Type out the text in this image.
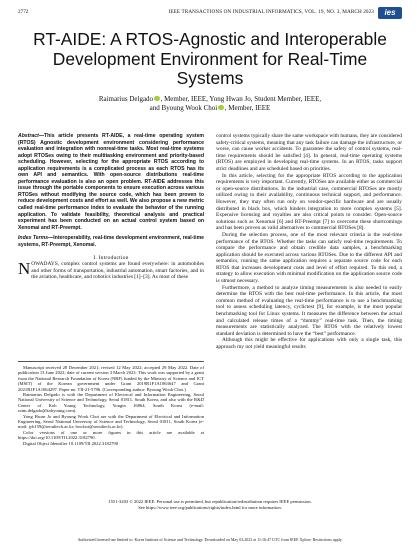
2772	IEEE TRANSACTIONS ON INDUSTRIAL INFORMATICS, VOL. 19, NO. 3, MARCH 2023	ies
RT-AIDE: A RTOS-Agnostic and Interoperable Development Environment for Real-Time Systems
Raimarius Delgado , Member, IEEE, Yong Hwan Jo, Student Member, IEEE,
and Byoung Wook Choi , Member, IEEE
Abstract—This article presents RT-AIDE, a real-time operating system (RTOS) Agnostic development environment considering performance evaluation and integration with nonreal-time tasks. Most real-time systems adopt RTOSes owing to their multitasking environment and priority-based scheduling. However, selecting for the appropriate RTOS according to application requirements is a complicated process as each RTOS has its own API and semantics. With open-source distributions real-time performance evaluation is also an open problem. RT-AIDE addresses this issue through the portable components to ensure execution across various RTOSes without modifying the source code, which has been proven to reduce development costs and effort as well. We also propose a new metric called real-time performance index to evaluate the behavior of the running application. To validate feasibility, theoretical analysis and practical experiment has been conducted on an actual control system based on Xenomai and RT-Preempt.
Index Terms—Interoperability, real-time development environment, real-time systems, RT-Preempt, Xenomai.
I. Introduction
NOWADAYS, complex control systems are found everywhere: in automobiles and other forms of transportation, industrial automation, smart factories, and in the aviation, healthcare, and robotics industries [1]–[3]. As most of these

Manuscript received 28 December 2021; revised 12 May 2022; accepted 29 May 2022. Date of publication 13 June 2022; date of current version 3 March 2023. This work was supported by a grant from the National Research Foundation of Korea (NRF) funded by the Ministry of Science and ICT (MSIT) of the Korean government under Grant 2019R1F1A1063647 and Grant 2021R1F1A1064297. Paper no. TII-21-5796. (Corresponding author: Byoung Wook Choi.)

Raimarius Delgado is with the Department of Electrical and Information Engineering, Seoul National University of Science and Technology, Seoul 01811, South Korea, and also with the R&D Center of Koh Young Technology, Yongin 16864, South Korea (e-mail: raim.delgado@kohyoung.com).

Yong Hwan Jo and Byoung Wook Choi are with the Department of Electrical and Information Engineering, Seoul National University of Science and Technology, Seoul 01811, South Korea (e-mail: jyh159@seoultech.ac.kr; bwchoi@seoultech.ac.kr).

Color versions of one or more figures in this article are available at https://doi.org/10.1109/TII.2022.3182790.

Digital Object Identifier 10.1109/TII.2022.3182790

control systems typically share the same workspace with humans, they are considered safety-critical systems, meaning that any task failure can damage the infrastructure, or worse, can cause worker accidents. To guarantee the safety of control systems, real-time requirements should be satisfied [4]. In general, real-time operating systems (RTOS) are employed in developing real-time systems. In an RTOS, tasks support strict deadlines and are scheduled based on priorities.

In this article, selecting for the appropriate RTOS according to the application requirements is very important. Currently, RTOSes are available either as commercial or open-source distributions. In the industrial case, commercial RTOSes are mostly utilized owing to their availability, continuous technical support, and performance. However, they may often run only on vendor-specific hardware and are usually distributed in black box, which hinders integration to more complex systems [5]. Expensive licensing and royalties are also critical points to consider. Open-source solutions such as Xenomai [6] and RT-Preempt [7] to overcome these shortcomings and has been proven as valid alternatives to commercial RTOSes [8].

During the selection process, one of the most relevant criteria is the real-time performance of the RTOS. Whether the tasks can satisfy real-time requirements. To compare the performance and obtain credible data samples, a benchmarking application should be executed across various RTOSes. Due to the different API and semantics, running the same application requires a separate source code for each RTOS that increases development costs and level of effort required. To this end, a strategy to allow execution with minimal modification on the application source code is utmost necessary.

Furthermore, a method to analyze timing measurements is also needed to easily determine the RTOS with the best real-time performance. In this article, the most common method of evaluating the real-time performance is to use a benchmarking tool to assess scheduling latency, cyclictest [9], for example, is the most popular benchmarking tool for Linux systems. It measures the difference between the actual and calculated release times of a “dummy” real-time task. Then, the timing measurements are statistically analyzed. The RTOS with the relatively lowest standard deviation is determined to have the “best” performance.

Although this might be effective for applications with only a single task, this approach my not yield meaningful results

1551-3203 © 2022 IEEE. Personal use is permitted, but republication/redistribution requires IEEE permission.
See https://www.ieee.org/publications/rights/index.html for more information.
Authorized licensed use limited to: Korea Institute of Science and Technology. Downloaded on May 03,2023 at 11:16:47 UTC from IEEE Xplore. Restrictions apply.
